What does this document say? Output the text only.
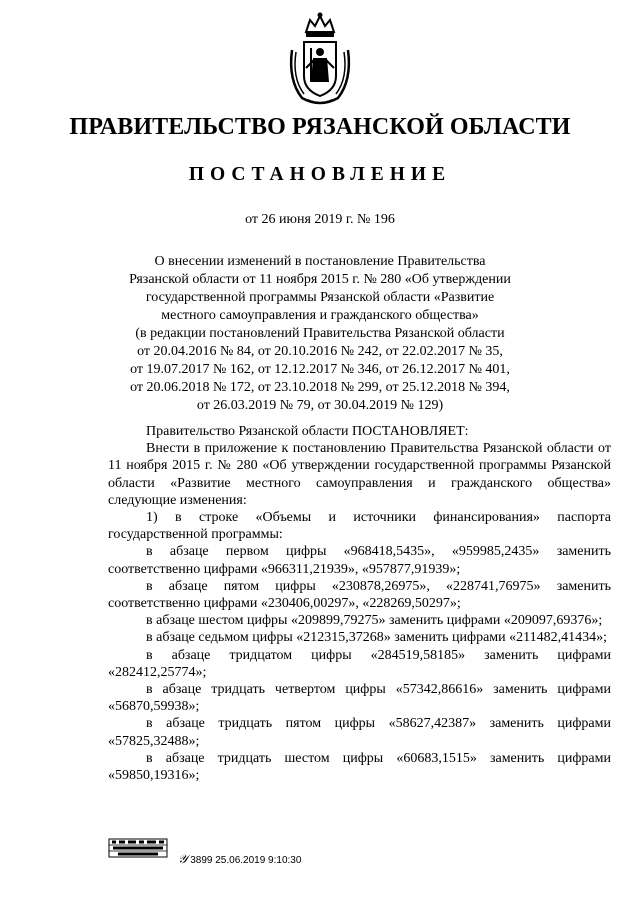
ПРАВИТЕЛЬСТВО РЯЗАНСКОЙ ОБЛАСТИ
ПОСТАНОВЛЕНИЕ
от 26 июня 2019 г. № 196
О внесении изменений в постановление Правительства
Рязанской области от 11 ноября 2015 г. № 280 «Об утверждении
государственной программы Рязанской области «Развитие
местного самоуправления и гражданского общества»
(в редакции постановлений Правительства Рязанской области
от 20.04.2016 № 84, от 20.10.2016 № 242, от 22.02.2017 № 35,
от 19.07.2017 № 162, от 12.12.2017 № 346, от 26.12.2017 № 401,
от 20.06.2018 № 172, от 23.10.2018 № 299, от 25.12.2018 № 394,
от 26.03.2019 № 79, от 30.04.2019 № 129)

Правительство Рязанской области ПОСТАНОВЛЯЕТ:

Внести в приложение к постановлению Правительства Рязанской области от 11 ноября 2015 г. № 280 «Об утверждении государственной программы Рязанской области «Развитие местного самоуправления и гражданского общества» следующие изменения:

1) в строке «Объемы и источники финансирования» паспорта государственной программы:

в абзаце первом цифры «968418,5435», «959985,2435» заменить соответственно цифрами «966311,21939», «957877,91939»;

в абзаце пятом цифры «230878,26975», «228741,76975» заменить соответственно цифрами «230406,00297», «228269,50297»;

в абзаце шестом цифры «209899,79275» заменить цифрами «209097,69376»;

в абзаце седьмом цифры «212315,37268» заменить цифрами «211482,41434»;

в абзаце тридцатом цифры «284519,58185» заменить цифрами «282412,25774»;

в абзаце тридцать четвертом цифры «57342,86616» заменить цифрами «56870,59938»;

в абзаце тридцать пятом цифры «58627,42387» заменить цифрами «57825,32488»;

в абзаце тридцать шестом цифры «60683,1515» заменить цифрами «59850,19316»;

𝒴 3899 25.06.2019 9:10:30
